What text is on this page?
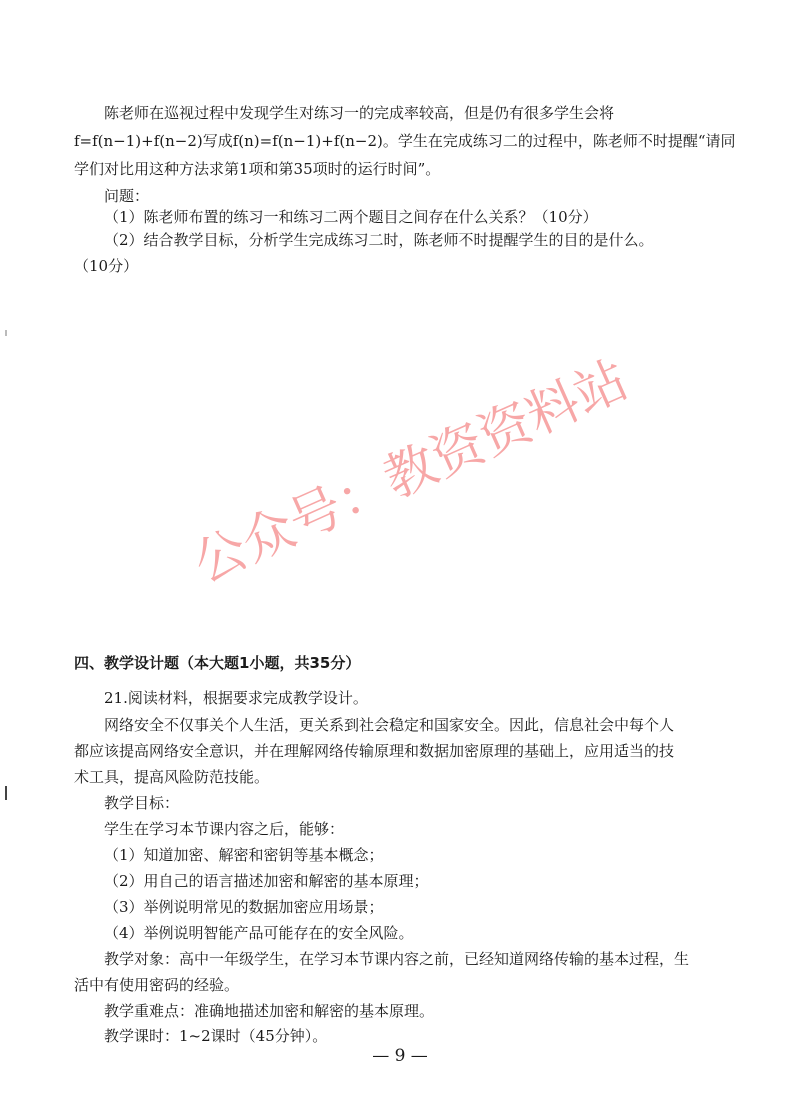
陈老师在巡视过程中发现学生对练习一的完成率较高，但是仍有很多学生会将
f=f(n−1)+f(n−2)写成f(n)=f(n−1)+f(n−2)。学生在完成练习二的过程中，陈老师不时提醒“请同
学们对比用这种方法求第1项和第35项时的运行时间”。
问题：
（1）陈老师布置的练习一和练习二两个题目之间存在什么关系？（10分）
（2）结合教学目标，分析学生完成练习二时，陈老师不时提醒学生的目的是什么。
（10分）
公众号：教资资料站
四、教学设计题（本大题1小题，共35分）
21.阅读材料，根据要求完成教学设计。
网络安全不仅事关个人生活，更关系到社会稳定和国家安全。因此，信息社会中每个人
都应该提高网络安全意识，并在理解网络传输原理和数据加密原理的基础上，应用适当的技
术工具，提高风险防范技能。
教学目标：
学生在学习本节课内容之后，能够：
（1）知道加密、解密和密钥等基本概念；
（2）用自己的语言描述加密和解密的基本原理；
（3）举例说明常见的数据加密应用场景；
（4）举例说明智能产品可能存在的安全风险。
教学对象：高中一年级学生，在学习本节课内容之前，已经知道网络传输的基本过程，生
活中有使用密码的经验。
教学重难点：准确地描述加密和解密的基本原理。
教学课时：1~2课时（45分钟）。
— 9 —
